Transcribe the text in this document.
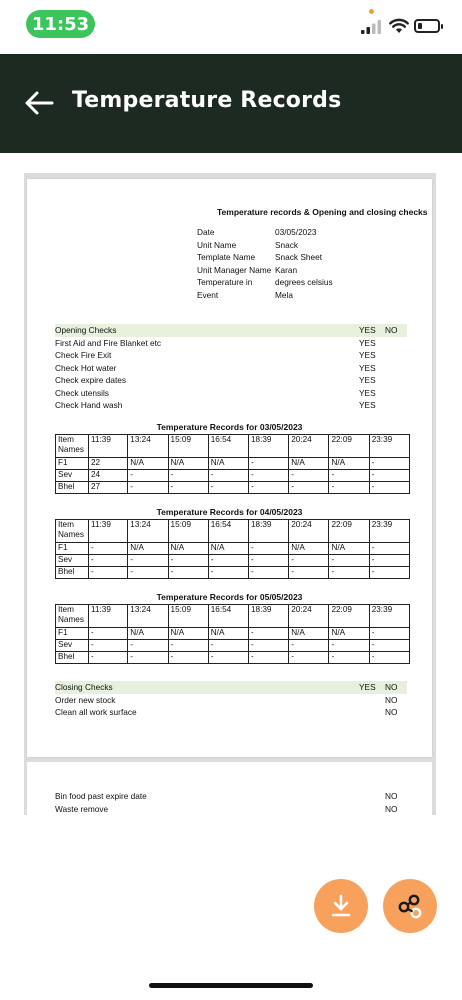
11:53
Temperature Records
Temperature records & Opening and closing checks
Date	03/05/2023
Unit Name	Snack
Template Name	Snack Sheet
Unit Manager Name Karan
Temperature in	degrees celsius
Event	Mela
Opening Checks	YES	NO
First Aid and Fire Blanket etc	YES
Check Fire Exit	YES
Check Hot water	YES
Check expire dates	YES
Check utensils	YES
Check Hand wash	YES
Temperature Records for 03/05/2023
Item Names	11:39	13:24	15:09	16:54	18:39	20:24	22:09	23:39
F1	22	N/A	N/A	N/A	-	N/A	N/A	-
Sev	24	-	-	-	-	-	-	-
Bhel	27	-	-	-	-	-	-	-
Temperature Records for 04/05/2023
Item Names	11:39	13:24	15:09	16:54	18:39	20:24	22:09	23:39
F1	-	N/A	N/A	N/A	-	N/A	N/A	-
Sev	-	-	-	-	-	-	-	-
Bhel	-	-	-	-	-	-	-	-
Temperature Records for 05/05/2023
Item Names	11:39	13:24	15:09	16:54	18:39	20:24	22:09	23:39
F1	-	N/A	N/A	N/A	-	N/A	N/A	-
Sev	-	-	-	-	-	-	-	-
Bhel	-	-	-	-	-	-	-	-
Closing Checks	YES	NO
Order new stock	NO
Clean all work surface	NO
Bin food past expire date	NO
Waste remove	NO
